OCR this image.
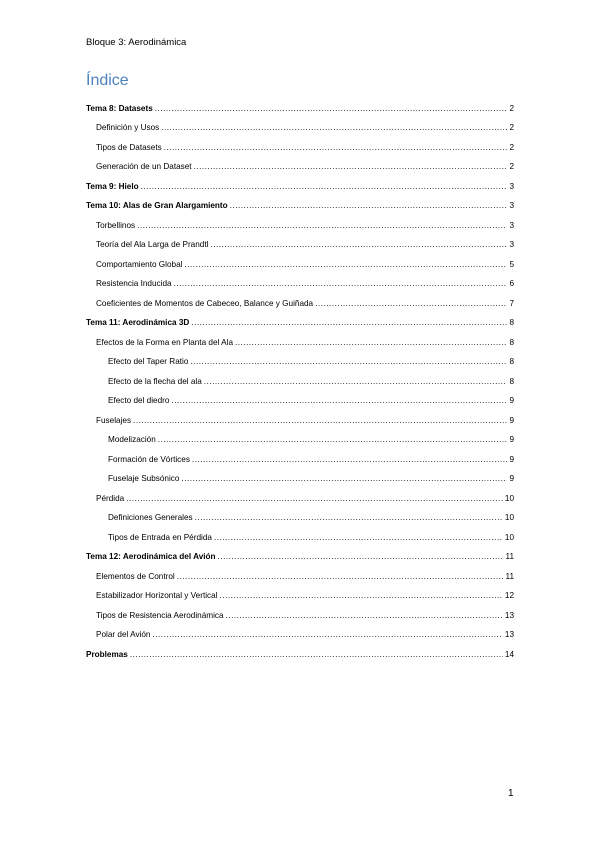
Bloque 3: Aerodinámica
Índice
Tema 8: Datasets .....	2
Definición y Usos .....	2
Tipos de Datasets .....	2
Generación de un Dataset .....	2
Tema 9: Hielo .....	3
Tema 10: Alas de Gran Alargamiento .....	3
Torbellinos .....	3
Teoría del Ala Larga de Prandtl .....	3
Comportamiento Global .....	5
Resistencia Inducida .....	6
Coeficientes de Momentos de Cabeceo, Balance y Guiñada .....	7
Tema 11: Aerodinámica 3D .....	8
Efectos de la Forma en Planta del Ala .....	8
Efecto del Taper Ratio .....	8
Efecto de la flecha del ala .....	8
Efecto del diedro .....	9
Fuselajes .....	9
Modelización .....	9
Formación de Vórtices .....	9
Fuselaje Subsónico .....	9
Pérdida .....	10
Definiciones Generales .....	10
Tipos de Entrada en Pérdida .....	10
Tema 12: Aerodinámica del Avión .....	11
Elementos de Control .....	11
Estabilizador Horizontal y Vertical .....	12
Tipos de Resistencia Aerodinámica .....	13
Polar del Avión .....	13
Problemas .....	14
1
